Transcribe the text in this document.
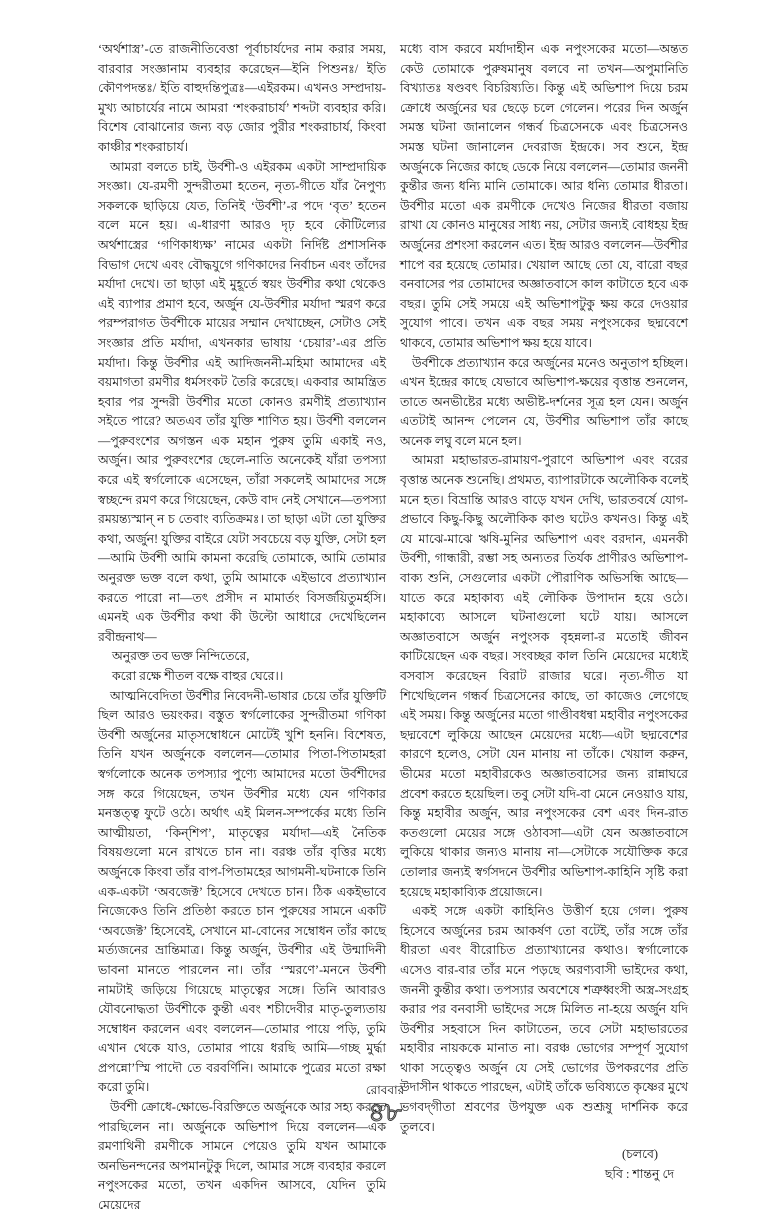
‘অর্থশাস্ত্র’-তে রাজনীতিবেত্তা পূর্বাচার্যদের নাম করার সময়, বারবার সংজ্ঞানাম ব্যবহার করেছেন—ইনি পিশুনঃ/ ইতি কৌণপদন্তঃ/ ইতি বাহুদন্তিপুত্রঃ—এইরকম। এখনও সম্প্রদায়-মুখ্য আচার্যের নামে আমরা ‘শংকরাচার্য’ শব্দটা ব্যবহার করি। বিশেষ বোঝানোর জন্য বড় জোর পুরীর শংকরাচার্য, কিংবা কাঞ্চীর শংকরাচার্য।

আমরা বলতে চাই, উর্বশী-ও এইরকম একটা সাম্প্রদায়িক সংজ্ঞা। যে-রমণী সুন্দরীতমা হতেন, নৃত্য-গীতে যাঁর নৈপুণ্য সকলকে ছাড়িয়ে যেত, তিনিই ‘উর্বশী’-র পদে ‘বৃত’ হতেন বলে মনে হয়। এ-ধারণা আরও দৃঢ় হবে কৌটিল্যের অর্থশাস্ত্রের ‘গণিকাধ্যক্ষ’ নামের একটা নির্দিষ্ট প্রশাসনিক বিভাগ দেখে এবং বৌদ্ধযুগে গণিকাদের নির্বাচন এবং তাঁদের মর্যাদা দেখে। তা ছাড়া এই মুহূর্তে স্বয়ং উর্বশীর কথা থেকেও এই ব্যাপার প্রমাণ হবে, অর্জুন যে-উর্বশীর মর্যাদা স্মরণ করে পরম্পরাগত উর্বশীকে মায়ের সম্মান দেখাচ্ছেন, সেটাও সেই সংজ্ঞার প্রতি মর্যাদা, এখনকার ভাষায় ‘চেয়ার’-এর প্রতি মর্যাদা। কিন্তু উর্বশীর এই আদিজননী-মহিমা আমাদের এই বয়মাগতা রমণীর ধর্মসংকট তৈরি করেছে। একবার আমন্ত্রিত হবার পর সুন্দরী উর্বশীর মতো কোনও রমণীই প্রত্যাখ্যান সইতে পারে? অতএব তাঁর যুক্তি শাণিত হয়। উর্বশী বললেন—পুরুবংশের অগস্তন এক মহান পুরুষ তুমি একাই নও, অর্জুন। আর পুরুবংশের ছেলে-নাতি অনেকেই যাঁরা তপস্যা করে এই স্বর্গলোকে এসেছেন, তাঁরা সকলেই আমাদের সঙ্গে স্বচ্ছন্দে রমণ করে গিয়েছেন, কেউ বাদ নেই সেখানে—তপস্যা রময়ন্ত্যস্মান্ ন চ তেবাং ব্যতিক্রমঃ। তা ছাড়া এটা তো যুক্তির কথা, অর্জুন! যুক্তির বাইরে যেটা সবচেয়ে বড় যুক্তি, সেটা হল—আমি উর্বশী আমি কামনা করেছি তোমাকে, আমি তোমার অনুরক্ত ভক্ত বলে কথা, তুমি আমাকে এইভাবে প্রত্যাখ্যান করতে পারো না—তৎ প্রসীদ ন মামার্তং বিসর্জয়িতুমর্হসি। এমনই এক উর্বশীর কথা কী উল্টো আধারে দেখেছিলেন রবীন্দ্রনাথ—

অনুরক্ত তব ভক্ত নিন্দিতেরে,

করো রক্ষে শীতল বক্ষে বাহুর ঘেরে।।

আত্মনিবেদিতা উর্বশীর নিবেদনী-ভাষার চেয়ে তাঁর যুক্তিটি ছিল আরও ভয়ংকর। বস্তুত স্বর্গলোকের সুন্দরীতমা গণিকা উর্বশী অর্জুনের মাতৃসম্বোধনে মোটেই খুশি হননি। বিশেষত, তিনি যখন অর্জুনকে বললেন—তোমার পিতা-পিতামহরা স্বর্গলোকে অনেক তপস্যার পুণ্যে আমাদের মতো উর্বশীদের সঙ্গ করে গিয়েছেন, তখন উর্বশীর মধ্যে যেন গণিকার মনস্তত্ত্ব ফুটে ওঠে। অর্থাৎ এই মিলন-সম্পর্কের মধ্যে তিনি আত্মীয়তা, ‘কিন্‌শিপ’, মাতৃত্বের মর্যাদা—এই নৈতিক বিষয়গুলো মনে রাখতে চান না। বরঞ্চ তাঁর বৃত্তির মধ্যে অর্জুনকে কিংবা তাঁর বাপ-পিতামহের আগমনী-ঘটনাকে তিনি এক-একটা ‘অবজেক্ট’ হিসেবে দেখতে চান। ঠিক একইভাবে নিজেকেও তিনি প্রতিষ্ঠা করতে চান পুরুষের সামনে একটি ‘অবজেক্ট’ হিসেবেই, সেখানে মা-বোনের সম্বোধন তাঁর কাছে মর্ত্যজনের ভ্রান্তিমাত্র। কিন্তু অর্জুন, উর্বশীর এই উন্মাদিনী ভাবনা মানতে পারলেন না। তাঁর ‘স্মরণে’-মননে উর্বশী নামটাই জড়িয়ে গিয়েছে মাতৃত্বের সঙ্গে। তিনি আবারও যৌবনোদ্ধতা উর্বশীকে কুন্তী এবং শচীদেবীর মাতৃ-তুল্যতায় সম্বোধন করলেন এবং বললেন—তোমার পায়ে পড়ি, তুমি এখান থেকে যাও, তোমার পায়ে ধরছি আমি—গচ্ছ মুর্দ্ধা প্রপন্নো’স্মি পাদৌ তে বরবর্ণিনি। আমাকে পুত্রের মতো রক্ষা করো তুমি।

উর্বশী ক্রোধে-ক্ষোভে-বিরক্তিতে অর্জুনকে আর সহ্য করতে পারছিলেন না। অর্জুনকে অভিশাপ দিয়ে বললেন—এক রমণাথিনী রমণীকে সামনে পেয়েও তুমি যখন আমাকে অনভিনন্দনের অপমানটুকু দিলে, আমার সঙ্গে ব্যবহার করলে নপুংসকের মতো, তখন একদিন আসবে, যেদিন তুমি মেয়েদের

মধ্যে বাস করবে মর্যাদাহীন এক নপুংসকের মতো—অন্তত কেউ তোমাকে পুরুষমানুষ বলবে না তখন—অপুমানিতি বিখ্যাতঃ ষণ্ডবৎ বিচরিষ্যতি। কিন্তু এই অভিশাপ দিয়ে চরম ক্রোধে অর্জুনের ঘর ছেড়ে চলে গেলেন। পরের দিন অর্জুন সমস্ত ঘটনা জানালেন গন্ধর্ব চিত্রসেনকে এবং চিত্রসেনও সমস্ত ঘটনা জানালেন দেবরাজ ইন্দ্রকে। সব শুনে, ইন্দ্র অর্জুনকে নিজের কাছে ডেকে নিয়ে বললেন—তোমার জননী কুন্তীর জন্য ধন্যি মানি তোমাকে। আর ধন্যি তোমার ধীরতা। উর্বশীর মতো এক রমণীকে দেখেও নিজের ধীরতা বজায় রাখা যে কোনও মানুষের সাধ্য নয়, সেটার জন্যই বোধহয় ইন্দ্র অর্জুনের প্রশংসা করলেন এত। ইন্দ্র আরও বললেন—উর্বশীর শাপে বর হয়েছে তোমার। খেয়াল আছে তো যে, বারো বছর বনবাসের পর তোমাদের অজ্ঞাতবাসে কাল কাটাতে হবে এক বছর। তুমি সেই সময়ে এই অভিশাপটুকু ক্ষয় করে দেওয়ার সুযোগ পাবে। তখন এক বছর সময় নপুংসকের ছদ্মবেশে থাকবে, তোমার অভিশাপ ক্ষয় হয়ে যাবে।

উর্বশীকে প্রত্যাখ্যান করে অর্জুনের মনেও অনুতাপ হচ্ছিল। এখন ইন্দ্রের কাছে যেভাবে অভিশাপ-ক্ষয়ের বৃত্তান্ত শুনলেন, তাতে অনভীষ্টের মধ্যে অভীষ্ট-দর্শনের সূত্র হল যেন। অর্জুন এতটাই আনন্দ পেলেন যে, উর্বশীর অভিশাপ তাঁর কাছে অনেক লঘু বলে মনে হল।

আমরা মহাভারত-রামায়ণ-পুরাণে অভিশাপ এবং বরের বৃত্তান্ত অনেক শুনেছি। প্রথমত, ব্যাপারটাকে অলৌকিক বলেই মনে হত। বিভ্রান্তি আরও বাড়ে যখন দেখি, ভারতবর্ষে যোগ-প্রভাবে কিছু-কিছু অলৌকিক কাণ্ড ঘটেও কখনও। কিন্তু এই যে মাঝে-মাঝে ঋষি-মুনির অভিশাপ এবং বরদান, এমনকী উর্বশী, গান্ধারী, রম্ভা সহ অন্যতর তির্যক প্রাণীরও অভিশাপ-বাক্য শুনি, সেগুলোর একটা পৌরাণিক অভিসন্ধি আছে—যাতে করে মহাকাব্য এই লৌকিক উপাদান হয়ে ওঠে। মহাকাব্যে আসলে ঘটনাগুলো ঘটে যায়। আসলে অজ্ঞাতবাসে অর্জুন নপুংসক বৃহন্নলা-র মতোই জীবন কাটিয়েছেন এক বছর। সংবচ্ছর কাল তিনি মেয়েদের মধ্যেই বসবাস করেছেন বিরাট রাজার ঘরে। নৃত্য-গীত যা শিখেছিলেন গন্ধর্ব চিত্রসেনের কাছে, তা কাজেও লেগেছে এই সময়। কিন্তু অর্জুনের মতো গাণ্ডীবধন্বা মহাবীর নপুংসকের ছদ্মবেশে লুকিয়ে আছেন মেয়েদের মধ্যে—এটা ছদ্মবেশের কারণে হলেও, সেটা যেন মানায় না তাঁকে। খেয়াল করুন, ভীমের মতো মহাবীরকেও অজ্ঞাতবাসের জন্য রান্নাঘরে প্রবেশ করতে হয়েছিল। তবু সেটা যদি-বা মেনে নেওয়াও যায়, কিন্তু মহাবীর অর্জুন, আর নপুংসকের বেশ এবং দিন-রাত কতগুলো মেয়ের সঙ্গে ওঠাবসা—এটা যেন অজ্ঞাতবাসে লুকিয়ে থাকার জন্যও মানায় না—সেটাকে সযৌক্তিক করে তোলার জন্যই স্বর্গসদনে উর্বশীর অভিশাপ-কাহিনি সৃষ্টি করা হয়েছে মহাকাব্যিক প্রয়োজনে।

একই সঙ্গে একটা কাহিনিও উত্তীর্ণ হয়ে গেল। পুরুষ হিসেবে অর্জুনের চরম আকর্ষণ তো বটেই, তাঁর সঙ্গে তাঁর ধীরতা এবং বীরোচিত প্রত্যাখ্যানের কথাও। স্বর্গালোকে এসেও বার-বার তাঁর মনে পড়ছে অরণ্যবাসী ভাইদের কথা, জননী কুন্তীর কথা। তপস্যার অবশেষে শত্রুধ্বংসী অস্ত্র-সংগ্রহ করার পর বনবাসী ভাইদের সঙ্গে মিলিত না-হয়ে অর্জুন যদি উর্বশীর সহবাসে দিন কাটাতেন, তবে সেটা মহাভারতের মহাবীর নায়ককে মানাত না। বরঞ্চ ভোগের সম্পূর্ণ সুযোগ থাকা সত্ত্বেও অর্জুন যে সেই ভোগের উপকরণের প্রতি উদাসীন থাকতে পারছেন, এটাই তাঁকে ভবিষ্যতে কৃষ্ণের মুখে ভগবদ্‌গীতা শ্রবণের উপযুক্ত এক শুশ্রূষু দার্শনিক করে তুলবে।

(চলবে)

ছবি : শান্তনু দে

রোববার
৪৮
